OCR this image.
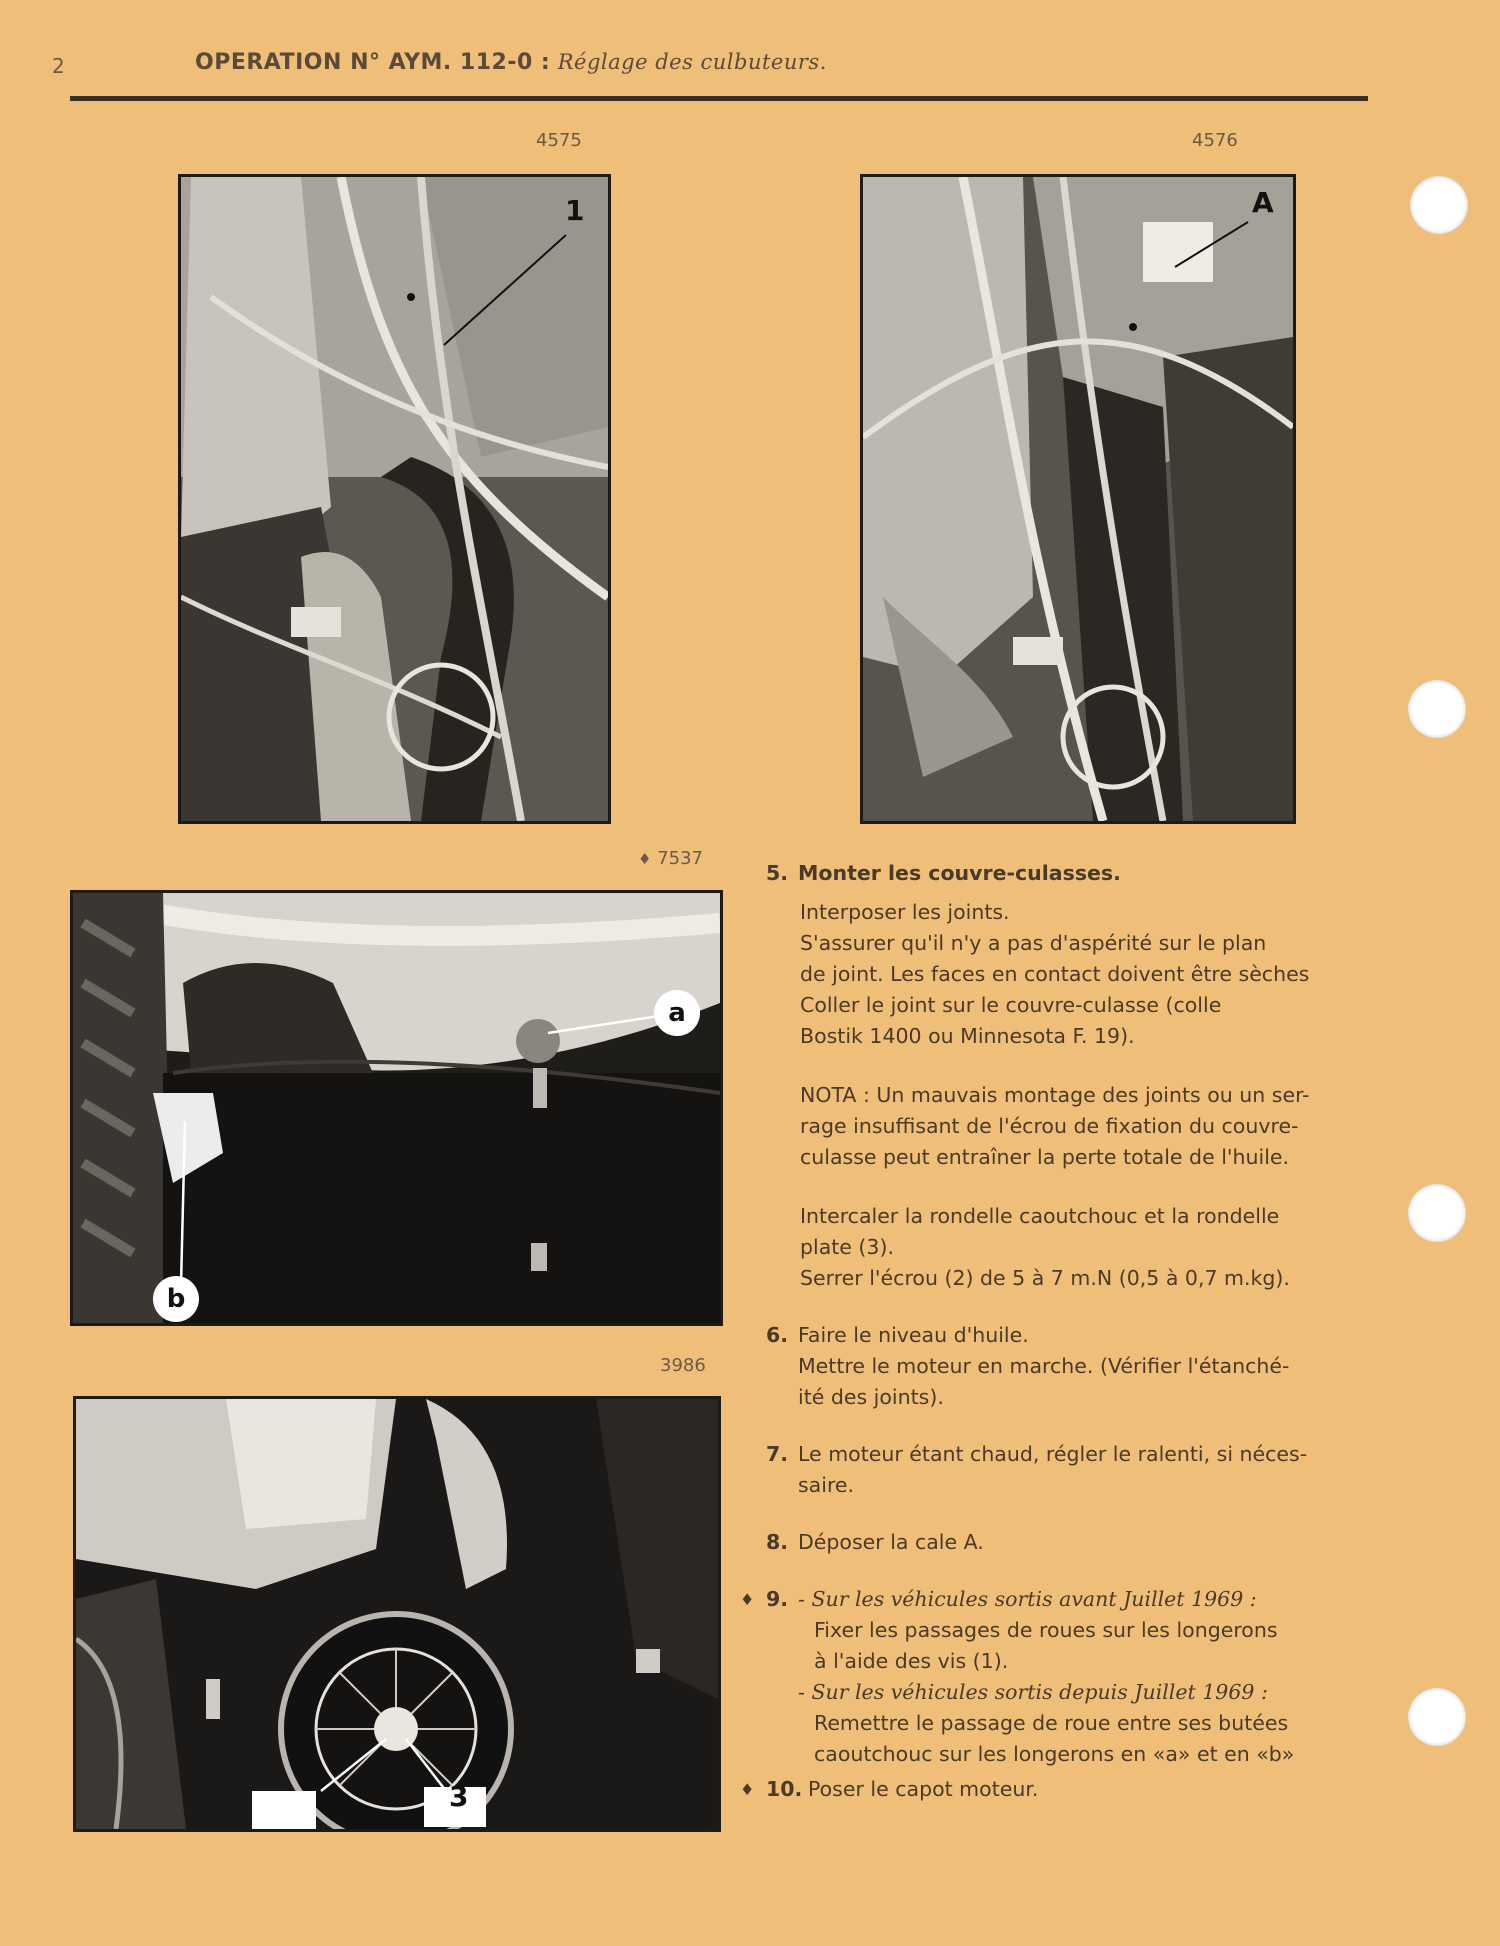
2	OPERATION N° AYM. 112-0 : Réglage des culbuteurs.
4575
1
4576
A
♦ 7537
a
b
3986
2	3
5. Monter les couvre-culasses.
Interposer les joints.
S'assurer qu'il n'y a pas d'aspérité sur le plan
de joint. Les faces en contact doivent être sèches
Coller le joint sur le couvre-culasse (colle
Bostik 1400 ou Minnesota F. 19).
NOTA : Un mauvais montage des joints ou un ser-
rage insuffisant de l'écrou de fixation du couvre-
culasse peut entraîner la perte totale de l'huile.
Intercaler la rondelle caoutchouc et la rondelle
plate (3).
Serrer l'écrou (2) de 5 à 7 m.N (0,5 à 0,7 m.kg).
6. Faire le niveau d'huile.
Mettre le moteur en marche. (Vérifier l'étanché-
ité des joints).
7. Le moteur étant chaud, régler le ralenti, si néces-
saire.
8. Déposer la cale A.
♦ 9. - Sur les véhicules sortis avant Juillet 1969 :
Fixer les passages de roues sur les longerons
à l'aide des vis (1).
- Sur les véhicules sortis depuis Juillet 1969 :
Remettre le passage de roue entre ses butées
caoutchouc sur les longerons en «a» et en «b»
♦ 10. Poser le capot moteur.
